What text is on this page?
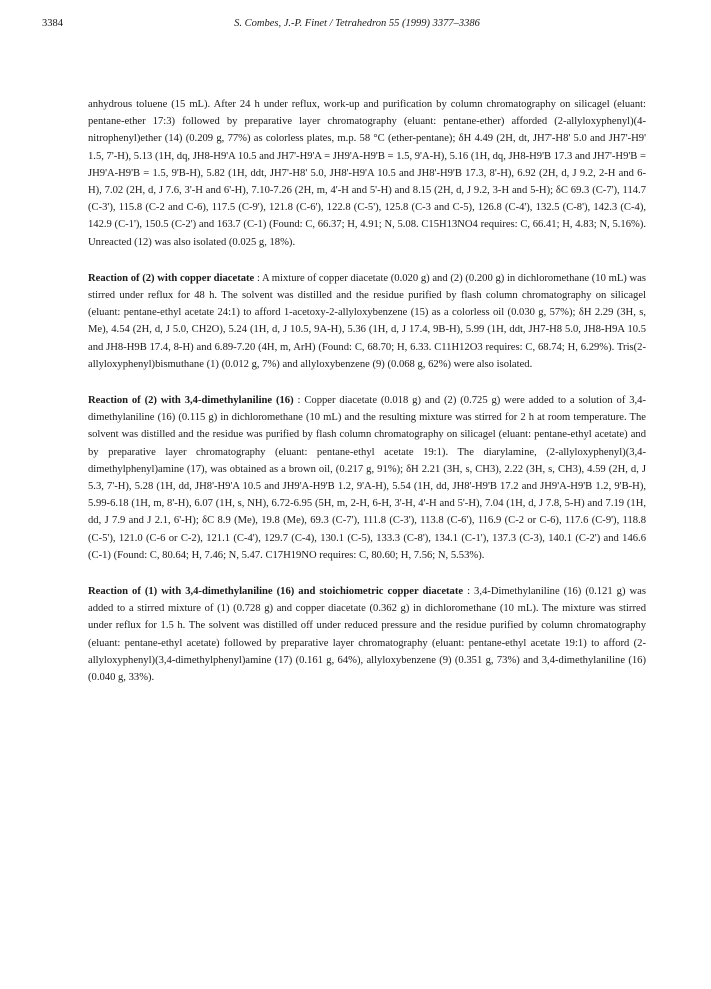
3384	S. Combes, J.-P. Finet / Tetrahedron 55 (1999) 3377–3386

anhydrous toluene (15 mL). After 24 h under reflux, work-up and purification by column chromatography on silicagel (eluant: pentane-ether 17:3) followed by preparative layer chromatography (eluant: pentane-ether) afforded (2-allyloxyphenyl)(4-nitrophenyl)ether (14) (0.209 g, 77%) as colorless plates, m.p. 58 °C (ether-pentane); δH 4.49 (2H, dt, JH7'-H8' 5.0 and JH7'-H9' 1.5, 7'-H), 5.13 (1H, dq, JH8-H9'A 10.5 and JH7'-H9'A = JH9'A-H9'B = 1.5, 9'A-H), 5.16 (1H, dq, JH8-H9'B 17.3 and JH7'-H9'B = JH9'A-H9'B = 1.5, 9'B-H), 5.82 (1H, ddt, JH7'-H8' 5.0, JH8'-H9'A 10.5 and JH8'-H9'B 17.3, 8'-H), 6.92 (2H, d, J 9.2, 2-H and 6-H), 7.02 (2H, d, J 7.6, 3'-H and 6'-H), 7.10-7.26 (2H, m, 4'-H and 5'-H) and 8.15 (2H, d, J 9.2, 3-H and 5-H); δC 69.3 (C-7'), 114.7 (C-3'), 115.8 (C-2 and C-6), 117.5 (C-9'), 121.8 (C-6'), 122.8 (C-5'), 125.8 (C-3 and C-5), 126.8 (C-4'), 132.5 (C-8'), 142.3 (C-4), 142.9 (C-1'), 150.5 (C-2') and 163.7 (C-1) (Found: C, 66.37; H, 4.91; N, 5.08. C15H13NO4 requires: C, 66.41; H, 4.83; N, 5.16%). Unreacted (12) was also isolated (0.025 g, 18%).

Reaction of (2) with copper diacetate : A mixture of copper diacetate (0.020 g) and (2) (0.200 g) in dichloromethane (10 mL) was stirred under reflux for 48 h. The solvent was distilled and the residue purified by flash column chromatography on silicagel (eluant: pentane-ethyl acetate 24:1) to afford 1-acetoxy-2-allyloxybenzene (15) as a colorless oil (0.030 g, 57%); δH 2.29 (3H, s, Me), 4.54 (2H, d, J 5.0, CH2O), 5.24 (1H, d, J 10.5, 9A-H), 5.36 (1H, d, J 17.4, 9B-H), 5.99 (1H, ddt, JH7-H8 5.0, JH8-H9A 10.5 and JH8-H9B 17.4, 8-H) and 6.89-7.20 (4H, m, ArH) (Found: C, 68.70; H, 6.33. C11H12O3 requires: C, 68.74; H, 6.29%). Tris(2-allyloxyphenyl)bismuthane (1) (0.012 g, 7%) and allyloxybenzene (9) (0.068 g, 62%) were also isolated.

Reaction of (2) with 3,4-dimethylaniline (16) : Copper diacetate (0.018 g) and (2) (0.725 g) were added to a solution of 3,4-dimethylaniline (16) (0.115 g) in dichloromethane (10 mL) and the resulting mixture was stirred for 2 h at room temperature. The solvent was distilled and the residue was purified by flash column chromatography on silicagel (eluant: pentane-ethyl acetate) and by preparative layer chromatography (eluant: pentane-ethyl acetate 19:1). The diarylamine, (2-allyloxyphenyl)(3,4-dimethylphenyl)amine (17), was obtained as a brown oil, (0.217 g, 91%); δH 2.21 (3H, s, CH3), 2.22 (3H, s, CH3), 4.59 (2H, d, J 5.3, 7'-H), 5.28 (1H, dd, JH8'-H9'A 10.5 and JH9'A-H9'B 1.2, 9'A-H), 5.54 (1H, dd, JH8'-H9'B 17.2 and JH9'A-H9'B 1.2, 9'B-H), 5.99-6.18 (1H, m, 8'-H), 6.07 (1H, s, NH), 6.72-6.95 (5H, m, 2-H, 6-H, 3'-H, 4'-H and 5'-H), 7.04 (1H, d, J 7.8, 5-H) and 7.19 (1H, dd, J 7.9 and J 2.1, 6'-H); δC 8.9 (Me), 19.8 (Me), 69.3 (C-7'), 111.8 (C-3'), 113.8 (C-6'), 116.9 (C-2 or C-6), 117.6 (C-9'), 118.8 (C-5'), 121.0 (C-6 or C-2), 121.1 (C-4'), 129.7 (C-4), 130.1 (C-5), 133.3 (C-8'), 134.1 (C-1'), 137.3 (C-3), 140.1 (C-2') and 146.6 (C-1) (Found: C, 80.64; H, 7.46; N, 5.47. C17H19NO requires: C, 80.60; H, 7.56; N, 5.53%).

Reaction of (1) with 3,4-dimethylaniline (16) and stoichiometric copper diacetate : 3,4-Dimethylaniline (16) (0.121 g) was added to a stirred mixture of (1) (0.728 g) and copper diacetate (0.362 g) in dichloromethane (10 mL). The mixture was stirred under reflux for 1.5 h. The solvent was distilled off under reduced pressure and the residue purified by column chromatography (eluant: pentane-ethyl acetate) followed by preparative layer chromatography (eluant: pentane-ethyl acetate 19:1) to afford (2-allyloxyphenyl)(3,4-dimethylphenyl)amine (17) (0.161 g, 64%), allyloxybenzene (9) (0.351 g, 73%) and 3,4-dimethylaniline (16) (0.040 g, 33%).
